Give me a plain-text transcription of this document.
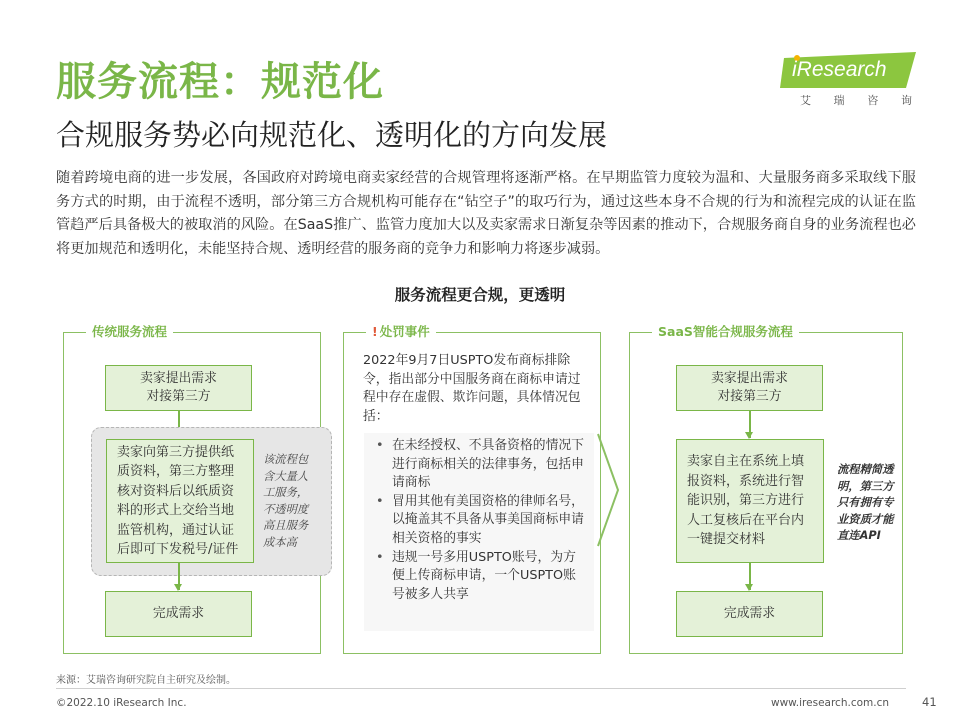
服务流程：规范化
合规服务势必向规范化、透明化的方向发展
iResearch
艾 瑞 咨 询
随着跨境电商的进一步发展，各国政府对跨境电商卖家经营的合规管理将逐渐严格。在早期监管力度较为温和、大量服务商多采取线下服务方式的时期，由于流程不透明，部分第三方合规机构可能存在“钻空子”的取巧行为，通过这些本身不合规的行为和流程完成的认证在监管趋严后具备极大的被取消的风险。在SaaS推广、监管力度加大以及卖家需求日渐复杂等因素的推动下，合规服务商自身的业务流程也必将更加规范和透明化，未能坚持合规、透明经营的服务商的竞争力和影响力将逐步减弱。
服务流程更合规，更透明
传统服务流程
卖家提出需求
对接第三方
卖家向第三方提供纸
质资料，第三方整理
核对资料后以纸质资
料的形式上交给当地
监管机构，通过认证
后即可下发税号/证件
该流程包
含大量人
工服务，
不透明度
高且服务
成本高
完成需求
! 处罚事件
2022年9月7日USPTO发布商标排除令，指出部分中国服务商在商标申请过程中存在虚假、欺诈问题，具体情况包括：
• 在未经授权、不具备资格的情况下进行商标相关的法律事务，包括申请商标
• 冒用其他有美国资格的律师名号，以掩盖其不具备从事美国商标申请相关资格的事实
• 违规一号多用USPTO账号，为方便上传商标申请，一个USPTO账号被多人共享
SaaS智能合规服务流程
卖家提出需求
对接第三方
卖家自主在系统上填
报资料，系统进行智
能识别，第三方进行
人工复核后在平台内
一键提交材料
流程精简透
明，第三方
只有拥有专
业资质才能
直连API
完成需求
来源：艾瑞咨询研究院自主研究及绘制。
©2022.10 iResearch Inc.	www.iresearch.com.cn	41
